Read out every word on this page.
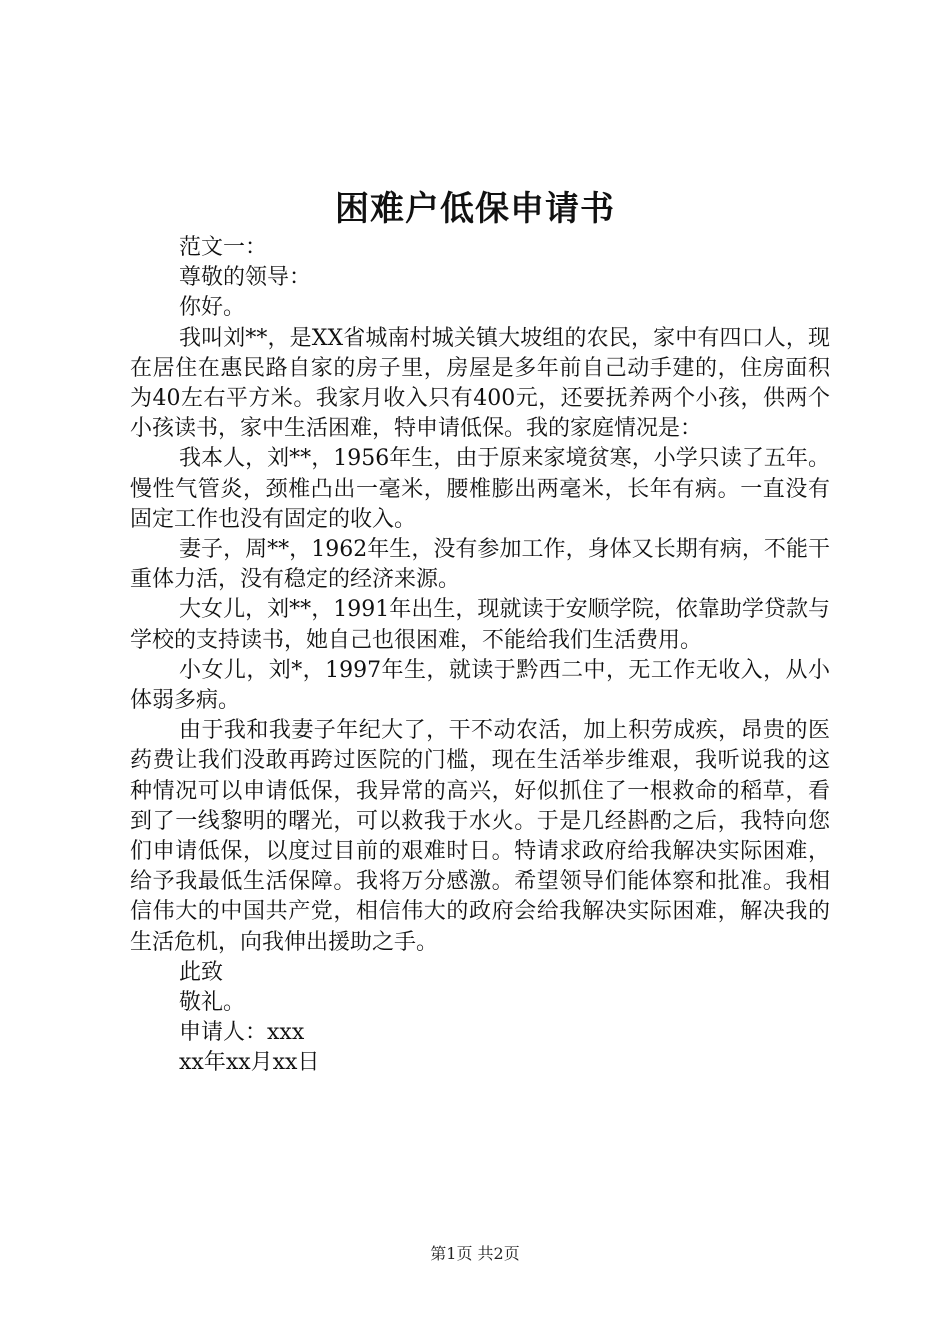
困难户低保申请书
范文一：
尊敬的领导：
你好。

我叫刘**，是XX省城南村城关镇大坡组的农民，家中有四口人，现在居住在惠民路自家的房子里，房屋是多年前自己动手建的，住房面积为40左右平方米。我家月收入只有400元，还要抚养两个小孩，供两个小孩读书，家中生活困难，特申请低保。我的家庭情况是：

我本人，刘**，1956年生，由于原来家境贫寒，小学只读了五年。慢性气管炎，颈椎凸出一毫米，腰椎膨出两毫米，长年有病。一直没有固定工作也没有固定的收入。

妻子，周**，1962年生，没有参加工作，身体又长期有病，不能干重体力活，没有稳定的经济来源。

大女儿，刘**，1991年出生，现就读于安顺学院，依靠助学贷款与学校的支持读书，她自己也很困难，不能给我们生活费用。

小女儿，刘*，1997年生，就读于黔西二中，无工作无收入，从小体弱多病。

由于我和我妻子年纪大了，干不动农活，加上积劳成疾，昂贵的医药费让我们没敢再跨过医院的门槛，现在生活举步维艰，我听说我的这种情况可以申请低保，我异常的高兴，好似抓住了一根救命的稻草，看到了一线黎明的曙光，可以救我于水火。于是几经斟酌之后，我特向您们申请低保，以度过目前的艰难时日。特请求政府给我解决实际困难，给予我最低生活保障。我将万分感激。希望领导们能体察和批准。我相信伟大的中国共产党，相信伟大的政府会给我解决实际困难，解决我的生活危机，向我伸出援助之手。

此致
敬礼。
申请人：xxx
xx年xx月xx日
第1页 共2页
